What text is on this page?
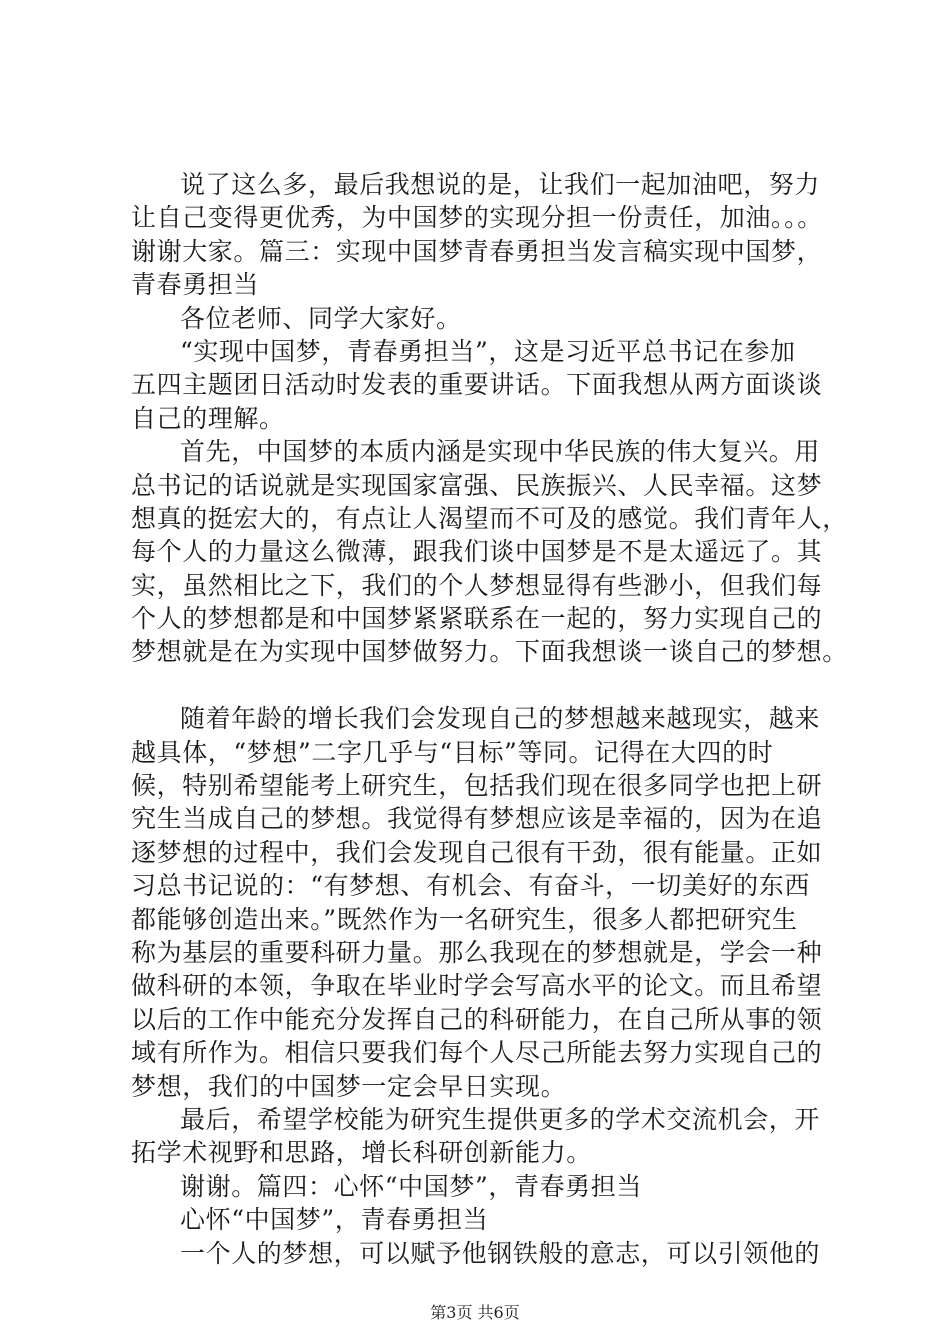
说了这么多，最后我想说的是，让我们一起加油吧，努力
让自己变得更优秀，为中国梦的实现分担一份责任，加油。。。
谢谢大家。篇三：实现中国梦青春勇担当发言稿实现中国梦，
青春勇担当
各位老师、同学大家好。
“实现中国梦，青春勇担当”，这是习近平总书记在参加
五四主题团日活动时发表的重要讲话。下面我想从两方面谈谈
自己的理解。
首先，中国梦的本质内涵是实现中华民族的伟大复兴。用
总书记的话说就是实现国家富强、民族振兴、人民幸福。这梦
想真的挺宏大的，有点让人渴望而不可及的感觉。我们青年人，
每个人的力量这么微薄，跟我们谈中国梦是不是太遥远了。其
实，虽然相比之下，我们的个人梦想显得有些渺小，但我们每
个人的梦想都是和中国梦紧紧联系在一起的，努力实现自己的
梦想就是在为实现中国梦做努力。下面我想谈一谈自己的梦想。
随着年龄的增长我们会发现自己的梦想越来越现实，越来
越具体，“梦想”二字几乎与“目标”等同。记得在大四的时
候，特别希望能考上研究生，包括我们现在很多同学也把上研
究生当成自己的梦想。我觉得有梦想应该是幸福的，因为在追
逐梦想的过程中，我们会发现自己很有干劲，很有能量。正如
习总书记说的：“有梦想、有机会、有奋斗，一切美好的东西
都能够创造出来。”既然作为一名研究生，很多人都把研究生
称为基层的重要科研力量。那么我现在的梦想就是，学会一种
做科研的本领，争取在毕业时学会写高水平的论文。而且希望
以后的工作中能充分发挥自己的科研能力，在自己所从事的领
域有所作为。相信只要我们每个人尽己所能去努力实现自己的
梦想，我们的中国梦一定会早日实现。
最后，希望学校能为研究生提供更多的学术交流机会，开
拓学术视野和思路，增长科研创新能力。
谢谢。篇四：心怀“中国梦”，青春勇担当
心怀“中国梦”，青春勇担当
一个人的梦想，可以赋予他钢铁般的意志，可以引领他的
第3页 共6页
